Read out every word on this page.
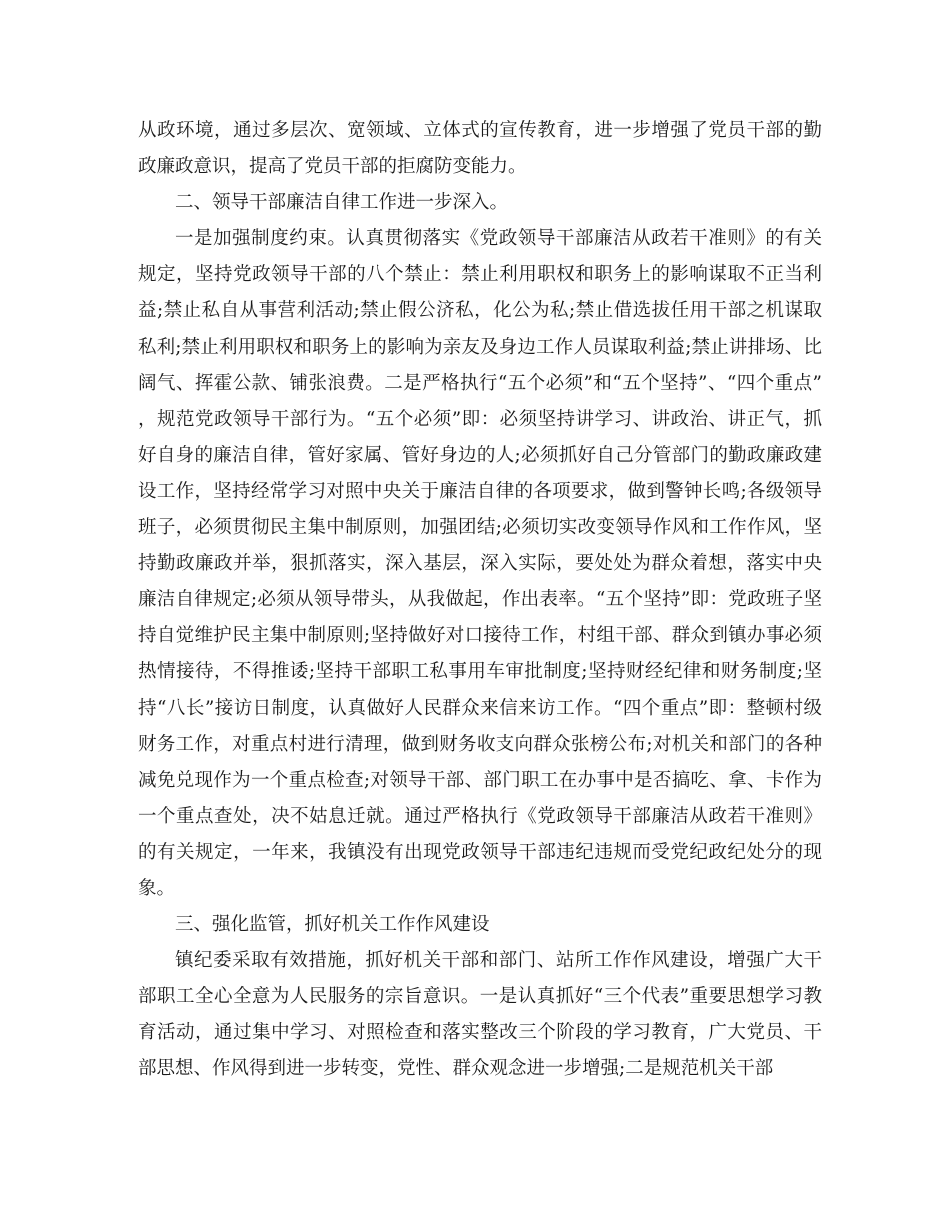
从政环境，通过多层次、宽领域、立体式的宣传教育，进一步增强了党员干部的勤政廉政意识，提高了党员干部的拒腐防变能力。

二、领导干部廉洁自律工作进一步深入。

一是加强制度约束。认真贯彻落实《党政领导干部廉洁从政若干准则》的有关规定，坚持党政领导干部的八个禁止：禁止利用职权和职务上的影响谋取不正当利益;禁止私自从事营利活动;禁止假公济私，化公为私;禁止借选拔任用干部之机谋取私利;禁止利用职权和职务上的影响为亲友及身边工作人员谋取利益;禁止讲排场、比阔气、挥霍公款、铺张浪费。二是严格执行“五个必须”和“五个坚持”、“四个重点”，规范党政领导干部行为。“五个必须”即：必须坚持讲学习、讲政治、讲正气，抓好自身的廉洁自律，管好家属、管好身边的人;必须抓好自己分管部门的勤政廉政建设工作，坚持经常学习对照中央关于廉洁自律的各项要求，做到警钟长鸣;各级领导班子，必须贯彻民主集中制原则，加强团结;必须切实改变领导作风和工作作风，坚持勤政廉政并举，狠抓落实，深入基层，深入实际，要处处为群众着想，落实中央廉洁自律规定;必须从领导带头，从我做起，作出表率。“五个坚持”即：党政班子坚持自觉维护民主集中制原则;坚持做好对口接待工作，村组干部、群众到镇办事必须热情接待，不得推诿;坚持干部职工私事用车审批制度;坚持财经纪律和财务制度;坚持“八长”接访日制度，认真做好人民群众来信来访工作。“四个重点”即：整顿村级财务工作，对重点村进行清理，做到财务收支向群众张榜公布;对机关和部门的各种减免兑现作为一个重点检查;对领导干部、部门职工在办事中是否搞吃、拿、卡作为一个重点查处，决不姑息迁就。通过严格执行《党政领导干部廉洁从政若干准则》的有关规定，一年来，我镇没有出现党政领导干部违纪违规而受党纪政纪处分的现象。

三、强化监管，抓好机关工作作风建设

镇纪委采取有效措施，抓好机关干部和部门、站所工作作风建设，增强广大干部职工全心全意为人民服务的宗旨意识。一是认真抓好“三个代表”重要思想学习教育活动，通过集中学习、对照检查和落实整改三个阶段的学习教育，广大党员、干部思想、作风得到进一步转变，党性、群众观念进一步增强;二是规范机关干部
